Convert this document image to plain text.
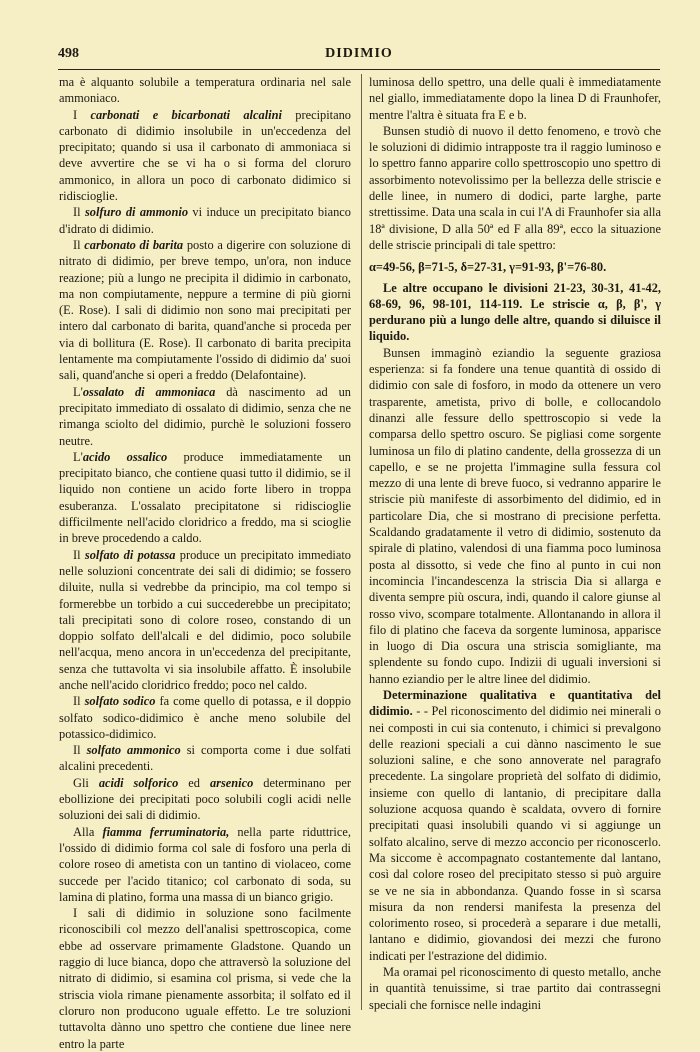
498	DIDIMIO

ma è alquanto solubile a temperatura ordinaria nel sale ammoniaco.

I carbonati e bicarbonati alcalini precipitano carbonato di didimio insolubile in un'eccedenza del precipitato; quando si usa il carbonato di ammoniaca si deve avvertire che se vi ha o si forma del cloruro ammonico, in allora un poco di carbonato didimico si ridiscioglie.

Il solfuro di ammonio vi induce un precipitato bianco d'idrato di didimio.

Il carbonato di barita posto a digerire con soluzione di nitrato di didimio, per breve tempo, un'ora, non induce reazione; più a lungo ne precipita il didimio in carbonato, ma non compiutamente, neppure a termine di più giorni (E. Rose). I sali di didimio non sono mai precipitati per intero dal carbonato di barita, quand'anche si proceda per via di bollitura (E. Rose). Il carbonato di barita precipita lentamente ma compiutamente l'ossido di didimio da' suoi sali, quand'anche si operi a freddo (Delafontaine).

L'ossalato di ammoniaca dà nascimento ad un precipitato immediato di ossalato di didimio, senza che ne rimanga sciolto del didimio, purchè le soluzioni fossero neutre.

L'acido ossalico produce immediatamente un precipitato bianco, che contiene quasi tutto il didimio, se il liquido non contiene un acido forte libero in troppa esuberanza. L'ossalato precipitatone si ridiscioglie difficilmente nell'acido cloridrico a freddo, ma si scioglie in breve procedendo a caldo.

Il solfato di potassa produce un precipitato immediato nelle soluzioni concentrate dei sali di didimio; se fossero diluite, nulla si vedrebbe da principio, ma col tempo si formerebbe un torbido a cui succederebbe un precipitato; tali precipitati sono di colore roseo, constando di un doppio solfato dell'alcali e del didimio, poco solubile nell'acqua, meno ancora in un'eccedenza del precipitante, senza che tuttavolta vi sia insolubile affatto. È insolubile anche nell'acido cloridrico freddo; poco nel caldo.

Il solfato sodico fa come quello di potassa, e il doppio solfato sodico-didimico è anche meno solubile del potassico-didimico.

Il solfato ammonico si comporta come i due solfati alcalini precedenti.

Gli acidi solforico ed arsenico determinano per ebollizione dei precipitati poco solubili cogli acidi nelle soluzioni dei sali di didimio.

Alla fiamma ferruminatoria, nella parte riduttrice, l'ossido di didimio forma col sale di fosforo una perla di colore roseo di ametista con un tantino di violaceo, come succede per l'acido titanico; col carbonato di soda, su lamina di platino, forma una massa di un bianco grigio.

I sali di didimio in soluzione sono facilmente riconoscibili col mezzo dell'analisi spettroscopica, come ebbe ad osservare primamente Gladstone. Quando un raggio di luce bianca, dopo che attraversò la soluzione del nitrato di didimio, si esamina col prisma, si vede che la striscia viola rimane pienamente assorbita; il solfato ed il cloruro non producono uguale effetto. Le tre soluzioni tuttavolta dànno uno spettro che contiene due linee nere entro la parte

luminosa dello spettro, una delle quali è immediatamente nel giallo, immediatamente dopo la linea D di Fraunhofer, mentre l'altra è situata fra E e b.

Bunsen studiò di nuovo il detto fenomeno, e trovò che le soluzioni di didimio intrapposte tra il raggio luminoso e lo spettro fanno apparire collo spettroscopio uno spettro di assorbimento notevolissimo per la bellezza delle striscie e delle linee, in numero di dodici, parte larghe, parte strettissime. Data una scala in cui l'A di Fraunhofer sia alla 18ª divisione, D alla 50ª ed F alla 89ª, ecco la situazione delle striscie principali di tale spettro:

α=49-56, β=71-5, δ=27-31, γ=91-93, β'=76-80.

Le altre occupano le divisioni 21-23, 30-31, 41-42, 68-69, 96, 98-101, 114-119. Le striscie α, β, β', γ perdurano più a lungo delle altre, quando si diluisce il liquido.

Bunsen immaginò eziandio la seguente graziosa esperienza: si fa fondere una tenue quantità di ossido di didimio con sale di fosforo, in modo da ottenere un vero trasparente, ametista, privo di bolle, e collocandolo dinanzi alle fessure dello spettroscopio si vede la comparsa dello spettro oscuro. Se pigliasi come sorgente luminosa un filo di platino candente, della grossezza di un capello, e se ne projetta l'immagine sulla fessura col mezzo di una lente di breve fuoco, si vedranno apparire le striscie più manifeste di assorbimento del didimio, ed in particolare Dia, che si mostrano di precisione perfetta. Scaldando gradatamente il vetro di didimio, sostenuto da spirale di platino, valendosi di una fiamma poco luminosa posta al dissotto, si vede che fino al punto in cui non incomincia l'incandescenza la striscia Dia si allarga e diventa sempre più oscura, indi, quando il calore giunse al rosso vivo, scompare totalmente. Allontanando in allora il filo di platino che faceva da sorgente luminosa, apparisce in luogo di Dia oscura una striscia somigliante, ma splendente su fondo cupo. Indizii di uguali inversioni si hanno eziandio per le altre linee del didimio.

Determinazione qualitativa e quantitativa del didimio. - - Pel riconoscimento del didimio nei minerali o nei composti in cui sia contenuto, i chimici si prevalgono delle reazioni speciali a cui dànno nascimento le sue soluzioni saline, e che sono annoverate nel paragrafo precedente. La singolare proprietà del solfato di didimio, insieme con quello di lantanio, di precipitare dalla soluzione acquosa quando è scaldata, ovvero di fornire precipitati quasi insolubili quando vi si aggiunge un solfato alcalino, serve di mezzo acconcio per riconoscerlo. Ma siccome è accompagnato costantemente dal lantano, così dal colore roseo del precipitato stesso si può arguire se ve ne sia in abbondanza. Quando fosse in sì scarsa misura da non rendersi manifesta la presenza del colorimento roseo, si procederà a separare i due metalli, lantano e didimio, giovandosi dei mezzi che furono indicati per l'estrazione del didimio.

Ma oramai pel riconoscimento di questo metallo, anche in quantità tenuissime, si trae partito dai contrassegni speciali che fornisce nelle indagini
